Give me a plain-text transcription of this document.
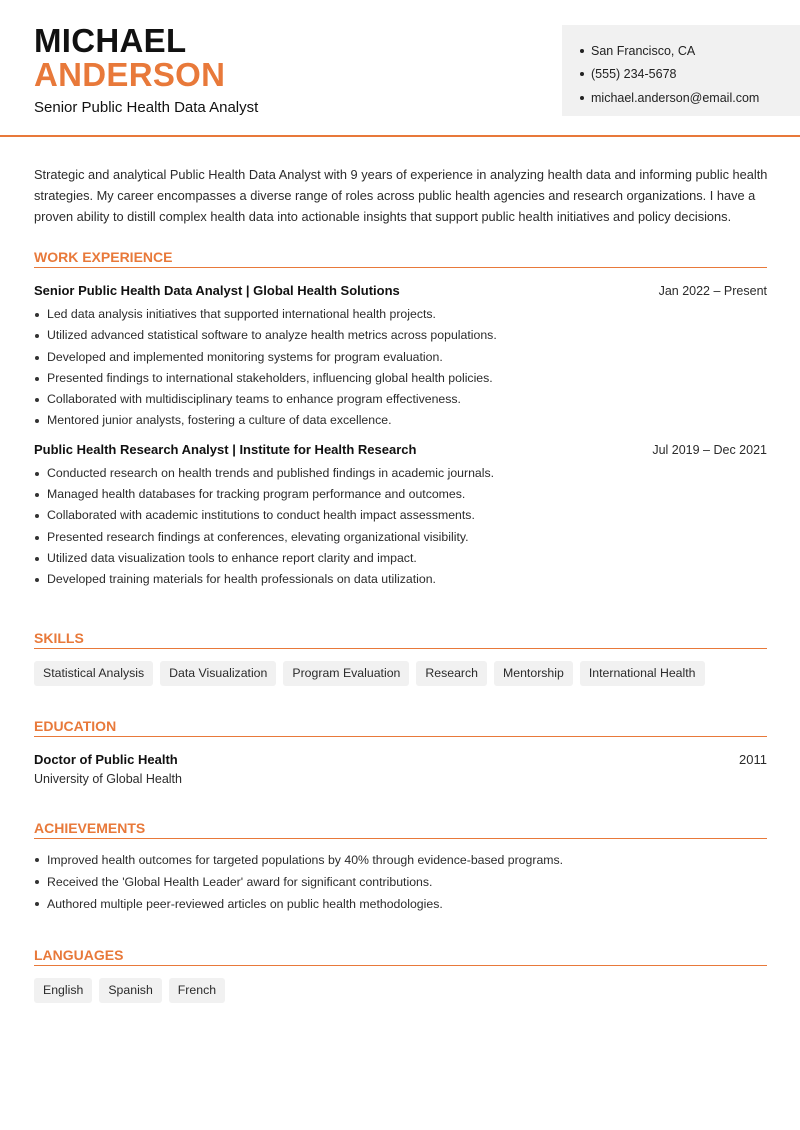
MICHAEL
ANDERSON
Senior Public Health Data Analyst
San Francisco, CA
(555) 234-5678
michael.anderson@email.com
Strategic and analytical Public Health Data Analyst with 9 years of experience in analyzing health data and informing public health strategies. My career encompasses a diverse range of roles across public health agencies and research organizations. I have a proven ability to distill complex health data into actionable insights that support public health initiatives and policy decisions.
WORK EXPERIENCE
Senior Public Health Data Analyst | Global Health Solutions	Jan 2022 – Present
Led data analysis initiatives that supported international health projects.
Utilized advanced statistical software to analyze health metrics across populations.
Developed and implemented monitoring systems for program evaluation.
Presented findings to international stakeholders, influencing global health policies.
Collaborated with multidisciplinary teams to enhance program effectiveness.
Mentored junior analysts, fostering a culture of data excellence.
Public Health Research Analyst | Institute for Health Research	Jul 2019 – Dec 2021
Conducted research on health trends and published findings in academic journals.
Managed health databases for tracking program performance and outcomes.
Collaborated with academic institutions to conduct health impact assessments.
Presented research findings at conferences, elevating organizational visibility.
Utilized data visualization tools to enhance report clarity and impact.
Developed training materials for health professionals on data utilization.
SKILLS
Statistical Analysis	Data Visualization	Program Evaluation	Research	Mentorship	International Health
EDUCATION
Doctor of Public Health	2011
University of Global Health
ACHIEVEMENTS
Improved health outcomes for targeted populations by 40% through evidence-based programs.
Received the 'Global Health Leader' award for significant contributions.
Authored multiple peer-reviewed articles on public health methodologies.
LANGUAGES
English	Spanish	French
